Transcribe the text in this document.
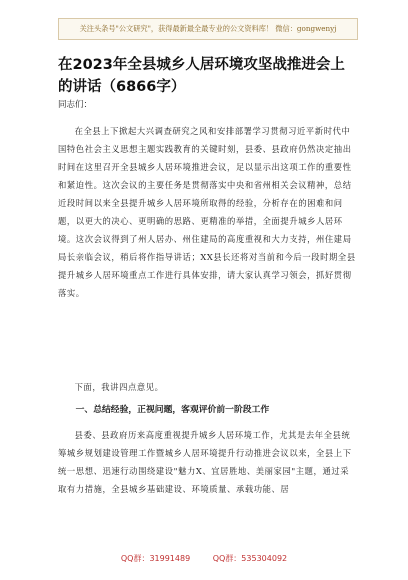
关注头条号"公文研究"，获得最新最全最专业的公文资料库！ 微信：gongwenyj
在2023年全县城乡人居环境攻坚战推进会上的讲话（6866字）
同志们：
在全县上下掀起大兴调查研究之风和安排部署学习贯彻习近平新时代中国特色社会主义思想主题实践教育的关键时刻，县委、县政府仍然决定抽出时间在这里召开全县城乡人居环境推进会议，足以显示出这项工作的重要性和紧迫性。这次会议的主要任务是贯彻落实中央和省州相关会议精神，总结近段时间以来全县提升城乡人居环境所取得的经验，分析存在的困难和问题，以更大的决心、更明确的思路、更精准的举措，全面提升城乡人居环境。这次会议得到了州人居办、州住建局的高度重视和大力支持，州住建局局长亲临会议，稍后将作指导讲话；XX县长还将对当前和今后一段时期全县提升城乡人居环境重点工作进行具体安排，请大家认真学习领会，抓好贯彻落实。
下面，我讲四点意见。
一、总结经验，正视问题，客观评价前一阶段工作
县委、县政府历来高度重视提升城乡人居环境工作，尤其是去年全县统筹城乡规划建设管理工作暨城乡人居环境提升行动推进会议以来，全县上下统一思想、迅速行动围绕建设"魅力X、宜居胜地、美丽家园"主题，通过采取有力措施，全县城乡基础建设、环境质量、承载功能、居
QQ群：31991489	QQ群：535304092
